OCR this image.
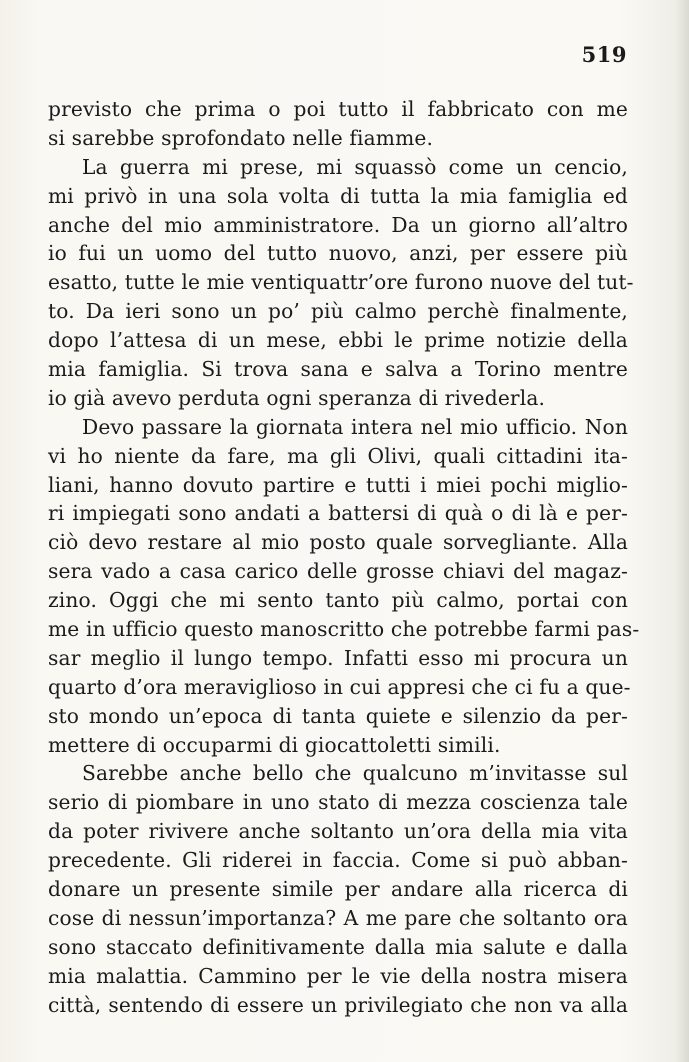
519
previsto che prima o poi tutto il fabbricato con me
si sarebbe sprofondato nelle fiamme.
La guerra mi prese, mi squassò come un cencio,
mi privò in una sola volta di tutta la mia famiglia ed
anche del mio amministratore. Da un giorno all’altro
io fui un uomo del tutto nuovo, anzi, per essere più
esatto, tutte le mie ventiquattr’ore furono nuove del tut-
to. Da ieri sono un po’ più calmo perchè finalmente,
dopo l’attesa di un mese, ebbi le prime notizie della
mia famiglia. Si trova sana e salva a Torino mentre
io già avevo perduta ogni speranza di rivederla.
Devo passare la giornata intera nel mio ufficio. Non
vi ho niente da fare, ma gli Olivi, quali cittadini ita-
liani, hanno dovuto partire e tutti i miei pochi miglio-
ri impiegati sono andati a battersi di quà o di là e per-
ciò devo restare al mio posto quale sorvegliante. Alla
sera vado a casa carico delle grosse chiavi del magaz-
zino. Oggi che mi sento tanto più calmo, portai con
me in ufficio questo manoscritto che potrebbe farmi pas-
sar meglio il lungo tempo. Infatti esso mi procura un
quarto d’ora meraviglioso in cui appresi che ci fu a que-
sto mondo un’epoca di tanta quiete e silenzio da per-
mettere di occuparmi di giocattoletti simili.
Sarebbe anche bello che qualcuno m’invitasse sul
serio di piombare in uno stato di mezza coscienza tale
da poter rivivere anche soltanto un’ora della mia vita
precedente. Gli riderei in faccia. Come si può abban-
donare un presente simile per andare alla ricerca di
cose di nessun’importanza? A me pare che soltanto ora
sono staccato definitivamente dalla mia salute e dalla
mia malattia. Cammino per le vie della nostra misera
città, sentendo di essere un privilegiato che non va alla
